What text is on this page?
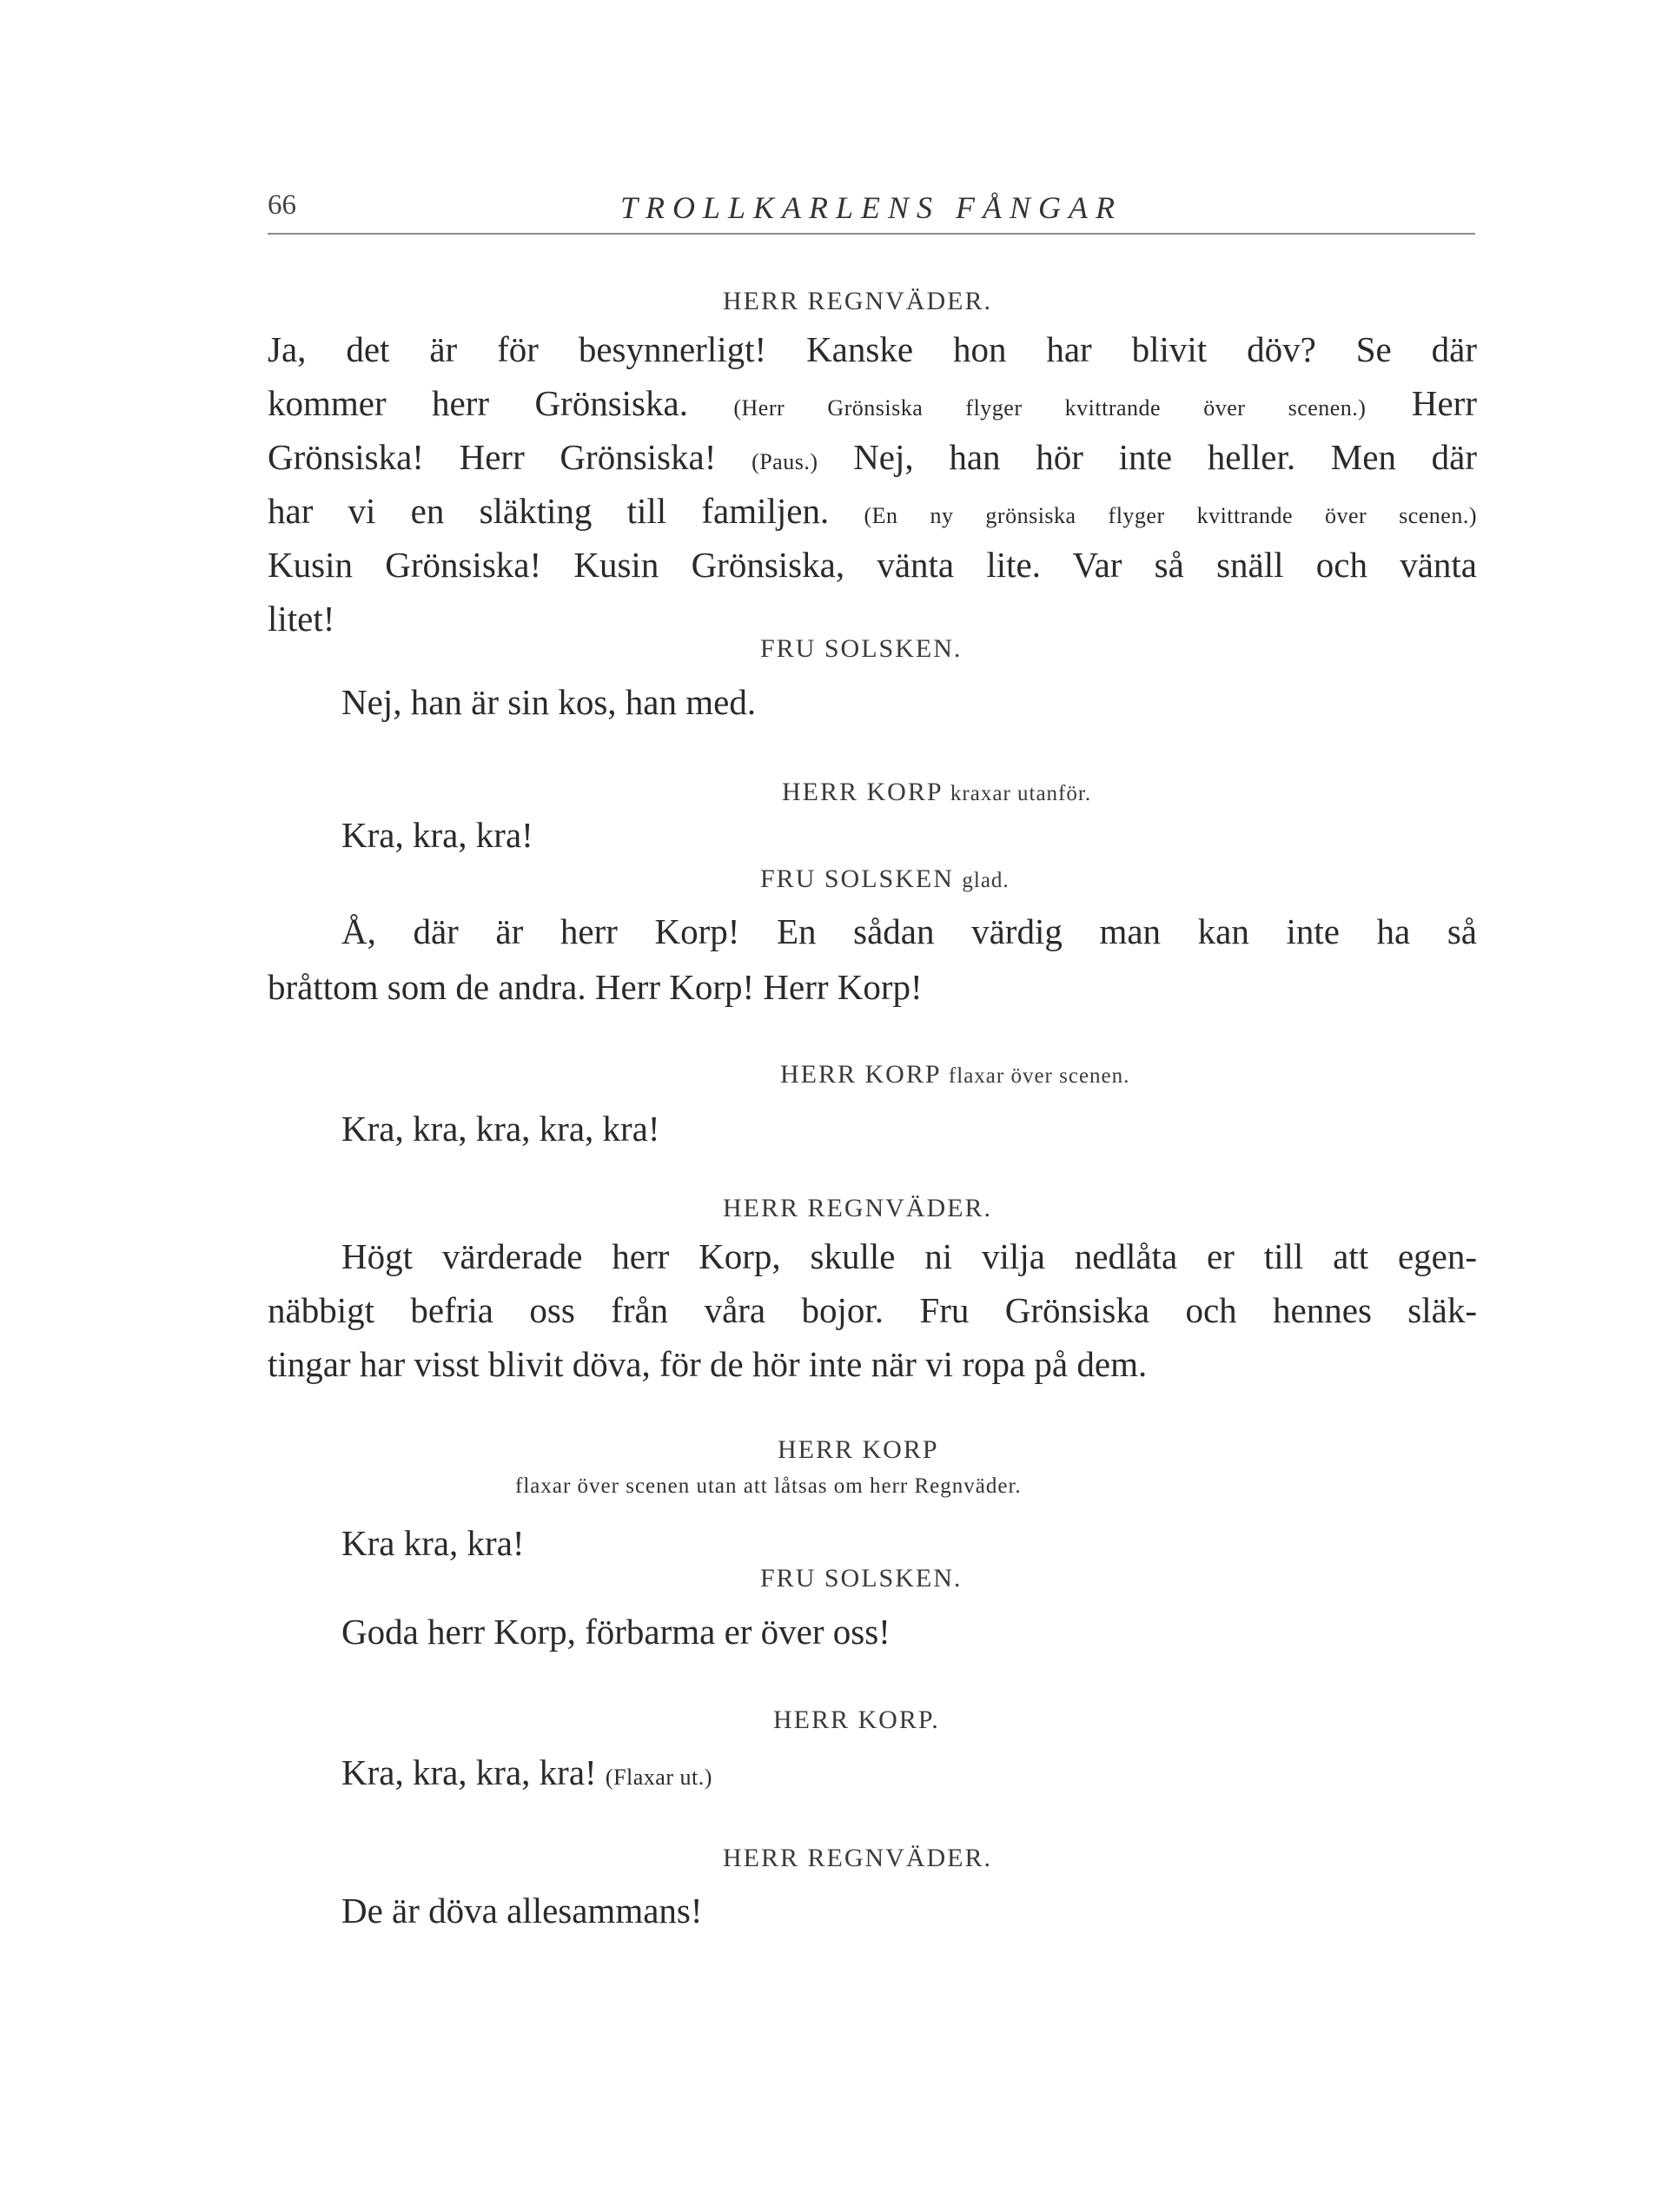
66	TROLLKARLENS FÅNGAR
HERR REGNVÄDER.
Ja, det är för besynnerligt! Kanske hon har blivit döv? Se där
kommer herr Grönsiska. (Herr Grönsiska flyger kvittrande över scenen.) Herr
Grönsiska! Herr Grönsiska! (Paus.) Nej, han hör inte heller. Men där
har vi en släkting till familjen. (En ny grönsiska flyger kvittrande över scenen.)
Kusin Grönsiska! Kusin Grönsiska, vänta lite. Var så snäll och vänta
litet!
FRU SOLSKEN.
Nej, han är sin kos, han med.
HERR KORP kraxar utanför.
Kra, kra, kra!
FRU SOLSKEN glad.
Å, där är herr Korp! En sådan värdig man kan inte ha så
bråttom som de andra. Herr Korp! Herr Korp!
HERR KORP flaxar över scenen.
Kra, kra, kra, kra, kra!
HERR REGNVÄDER.
Högt värderade herr Korp, skulle ni vilja nedlåta er till att egen-
näbbigt befria oss från våra bojor. Fru Grönsiska och hennes släk-
tingar har visst blivit döva, för de hör inte när vi ropa på dem.
HERR KORP
flaxar över scenen utan att låtsas om herr Regnväder.
Kra kra, kra!
FRU SOLSKEN.
Goda herr Korp, förbarma er över oss!
HERR KORP.
Kra, kra, kra, kra! (Flaxar ut.)
HERR REGNVÄDER.
De är döva allesammans!
